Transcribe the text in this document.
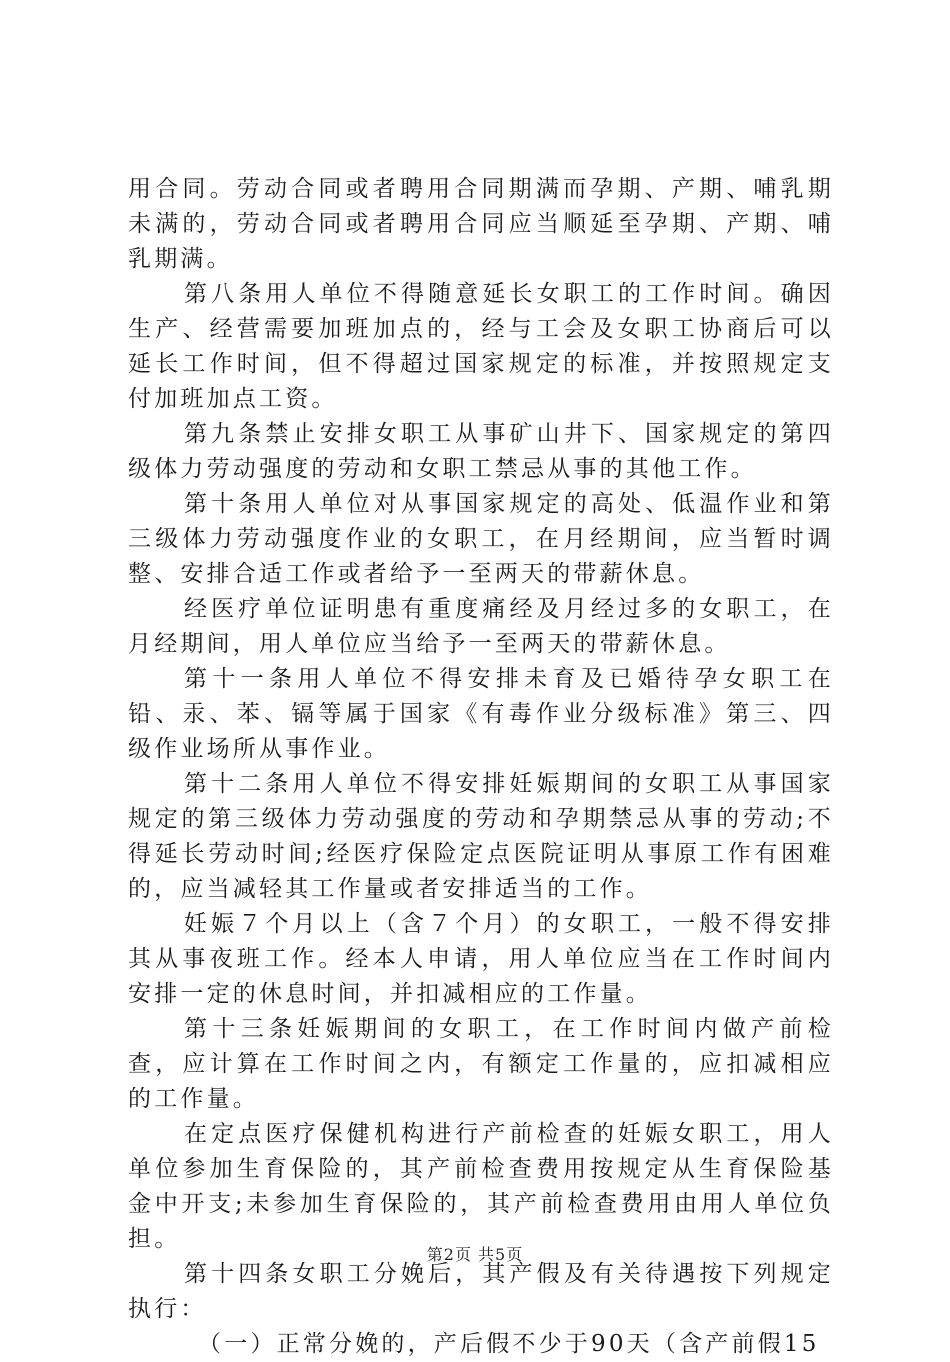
用合同。劳动合同或者聘用合同期满而孕期、产期、哺乳期未满的，劳动合同或者聘用合同应当顺延至孕期、产期、哺乳期满。

第八条用人单位不得随意延长女职工的工作时间。确因生产、经营需要加班加点的，经与工会及女职工协商后可以延长工作时间，但不得超过国家规定的标准，并按照规定支付加班加点工资。

第九条禁止安排女职工从事矿山井下、国家规定的第四级体力劳动强度的劳动和女职工禁忌从事的其他工作。

第十条用人单位对从事国家规定的高处、低温作业和第三级体力劳动强度作业的女职工，在月经期间，应当暂时调整、安排合适工作或者给予一至两天的带薪休息。

经医疗单位证明患有重度痛经及月经过多的女职工，在月经期间，用人单位应当给予一至两天的带薪休息。

第十一条用人单位不得安排未育及已婚待孕女职工在铅、汞、苯、镉等属于国家《有毒作业分级标准》第三、四级作业场所从事作业。

第十二条用人单位不得安排妊娠期间的女职工从事国家规定的第三级体力劳动强度的劳动和孕期禁忌从事的劳动;不得延长劳动时间;经医疗保险定点医院证明从事原工作有困难的，应当减轻其工作量或者安排适当的工作。

妊娠７个月以上（含７个月）的女职工，一般不得安排其从事夜班工作。经本人申请，用人单位应当在工作时间内安排一定的休息时间，并扣减相应的工作量。

第十三条妊娠期间的女职工，在工作时间内做产前检查，应计算在工作时间之内，有额定工作量的，应扣减相应的工作量。

在定点医疗保健机构进行产前检查的妊娠女职工，用人单位参加生育保险的，其产前检查费用按规定从生育保险基金中开支;未参加生育保险的，其产前检查费用由用人单位负担。

第十四条女职工分娩后，其产假及有关待遇按下列规定执行：

（一）正常分娩的，产后假不少于90天（含产前假15

第2页 共5页
